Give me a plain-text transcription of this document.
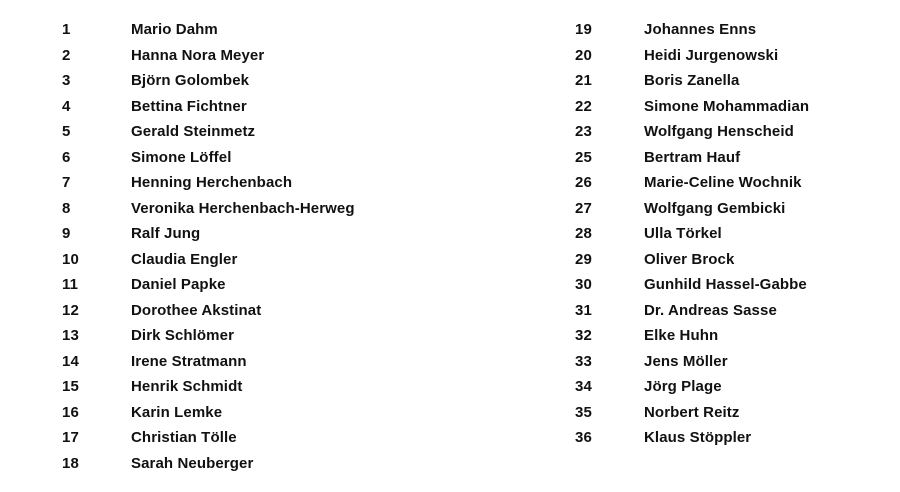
1	Mario Dahm
2	Hanna Nora Meyer
3	Björn Golombek
4	Bettina Fichtner
5	Gerald Steinmetz
6	Simone Löffel
7	Henning Herchenbach
8	Veronika Herchenbach-Herweg
9	Ralf Jung
10	Claudia Engler
11	Daniel Papke
12	Dorothee Akstinat
13	Dirk Schlömer
14	Irene Stratmann
15	Henrik Schmidt
16	Karin Lemke
17	Christian Tölle
18	Sarah Neuberger
19	Johannes Enns
20	Heidi Jurgenowski
21	Boris Zanella
22	Simone Mohammadian
23	Wolfgang Henscheid
25	Bertram Hauf
26	Marie-Celine Wochnik
27	Wolfgang Gembicki
28	Ulla Törkel
29	Oliver Brock
30	Gunhild Hassel-Gabbe
31	Dr. Andreas Sasse
32	Elke Huhn
33	Jens Möller
34	Jörg Plage
35	Norbert Reitz
36	Klaus Stöppler
